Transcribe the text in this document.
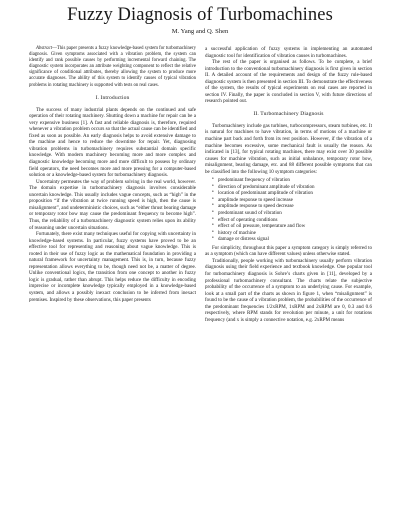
Fuzzy Diagnosis of Turbomachines
M. Yang and Q. Shen

Abstract—This paper presents a fuzzy knowledge-based system for turbomachinery diagnosis. Given symptoms associated with a vibration problem, the system can identify and rank possible causes by performing incremental forward chaining. The diagnostic system incorporates an attribute weighting component to reflect the relative significance of conditional attributes, thereby allowing the system to produce more accurate diagnoses. The ability of this system to identify causes of typical vibration problems in rotating machinery is supported with tests on real cases.

I. Introduction

The success of many industrial plants depends on the continued and safe operation of their rotating machinery. Shutting down a machine for repair can be a very expensive business [1]. A fast and reliable diagnosis is, therefore, required whenever a vibration problem occurs so that the actual cause can be identified and fixed as soon as possible. An early diagnosis helps to avoid extensive damage to the machine and hence to reduce the downtime for repair. Yet, diagnosing vibration problems in turbomachinery requires substantial domain specific knowledge. With modern machinery becoming more and more complex and diagnostic knowledge becoming more and more difficult to possess by ordinary field operators, the need becomes more and more pressing for a computer-based solution or a knowledge-based system for turbomachinery diagnosis.

Uncertainty permeates the way of problem solving in the real world, however. The domain expertise in turbomachinery diagnosis involves considerable uncertain knowledge. This usually includes vague concepts, such as “high” in the proposition “if the vibration at twice running speed is high, then the cause is misalignment”, and undeterministic choices, such as “either thrust bearing damage or temporary rotor bow may cause the predominant frequency to become high”. Thus, the reliability of a turbomachinery diagnostic system relies upon its ability of reasoning under uncertain situations.

Fortunately, there exist many techniques useful for copying with uncertainty in knowledge-based systems. In particular, fuzzy systems have proved to be an effective tool for representing and reasoning about vague knowledge. This is rooted in their use of fuzzy logic as the mathematical foundation in providing a natural framework for uncertainty management. This is, in turn, because fuzzy representation allows everything to be, though need not be, a matter of degree. Unlike conventional logics, the transition from one concept to another in fuzzy logic is gradual, rather than abrupt. This helps reduce the difficulty in encoding imprecise or incomplete knowledge typically employed in a knowledge-based system, and allows a possibly inexact conclusion to be inferred from inexact premises. Inspired by these observations, this paper presents

a successful application of fuzzy systems in implementing an automated diagnostic tool for identification of vibration causes in turbomachines.

The rest of the paper is organised as follows. To be complete, a brief introduction to the conventional turbomachinery diagnosis is first given in section II. A detailed account of the requirements and design of the fuzzy rule-based diagnostic system is then presented in section III. To demonstrate the effectiveness of the system, the results of typical experiments on real cases are reported in section IV. Finally, the paper is concluded in section V, with future directions of research pointed out.

II. Turbomachinery Diagnosis

Turbomachinery include gas turbines, turbocompressors, steam turbines, etc. It is natural for machines to have vibration, in terms of motions of a machine or machine part back and forth from its rest position. However, if the vibration of a machine becomes excessive, some mechanical fault is usually the reason. As indicated in [13], for typical rotating machines, there may exist over 30 possible causes for machine vibration, such as initial unbalance, temporary rotor bow, misalignment, bearing damage, etc. and 88 different possible symptoms that can be classified into the following 10 symptom categories:

• predominant frequency of vibration
• direction of predominant amplitude of vibration
• location of predominant amplitude of vibration
• amplitude response to speed increase
• amplitude response to speed decrease
• predominant sound of vibration
• effect of operating conditions
• effect of oil pressure, temperature and flow
• history of machine
• damage or distress signal

For simplicity, throughout this paper a symptom category is simply referred to as a symptom (which can have different values) unless otherwise stated.

Traditionally, people working with turbomachinery usually perform vibration diagnosis using their field experience and textbook knowledge. One popular tool for turbomachinery diagnosis is Sohre’s charts given in [11], developed by a professional turbomachinery consultant. The charts relate the subjective probability of the occurrence of a symptom to an underlying cause. For example, look at a small part of the charts as shown in figure 1, when “misalignment” is found to be the cause of a vibration problem, the probabilities of the occurrence of the predominant frequencies 1/2xRPM, 1xRPM and 2xRPM are 0, 0.3 and 0.6 respectively, where RPM stands for revolution per minute, a unit for rotations frequency (and x is simply a connective notation, e.g. 2xRPM means
